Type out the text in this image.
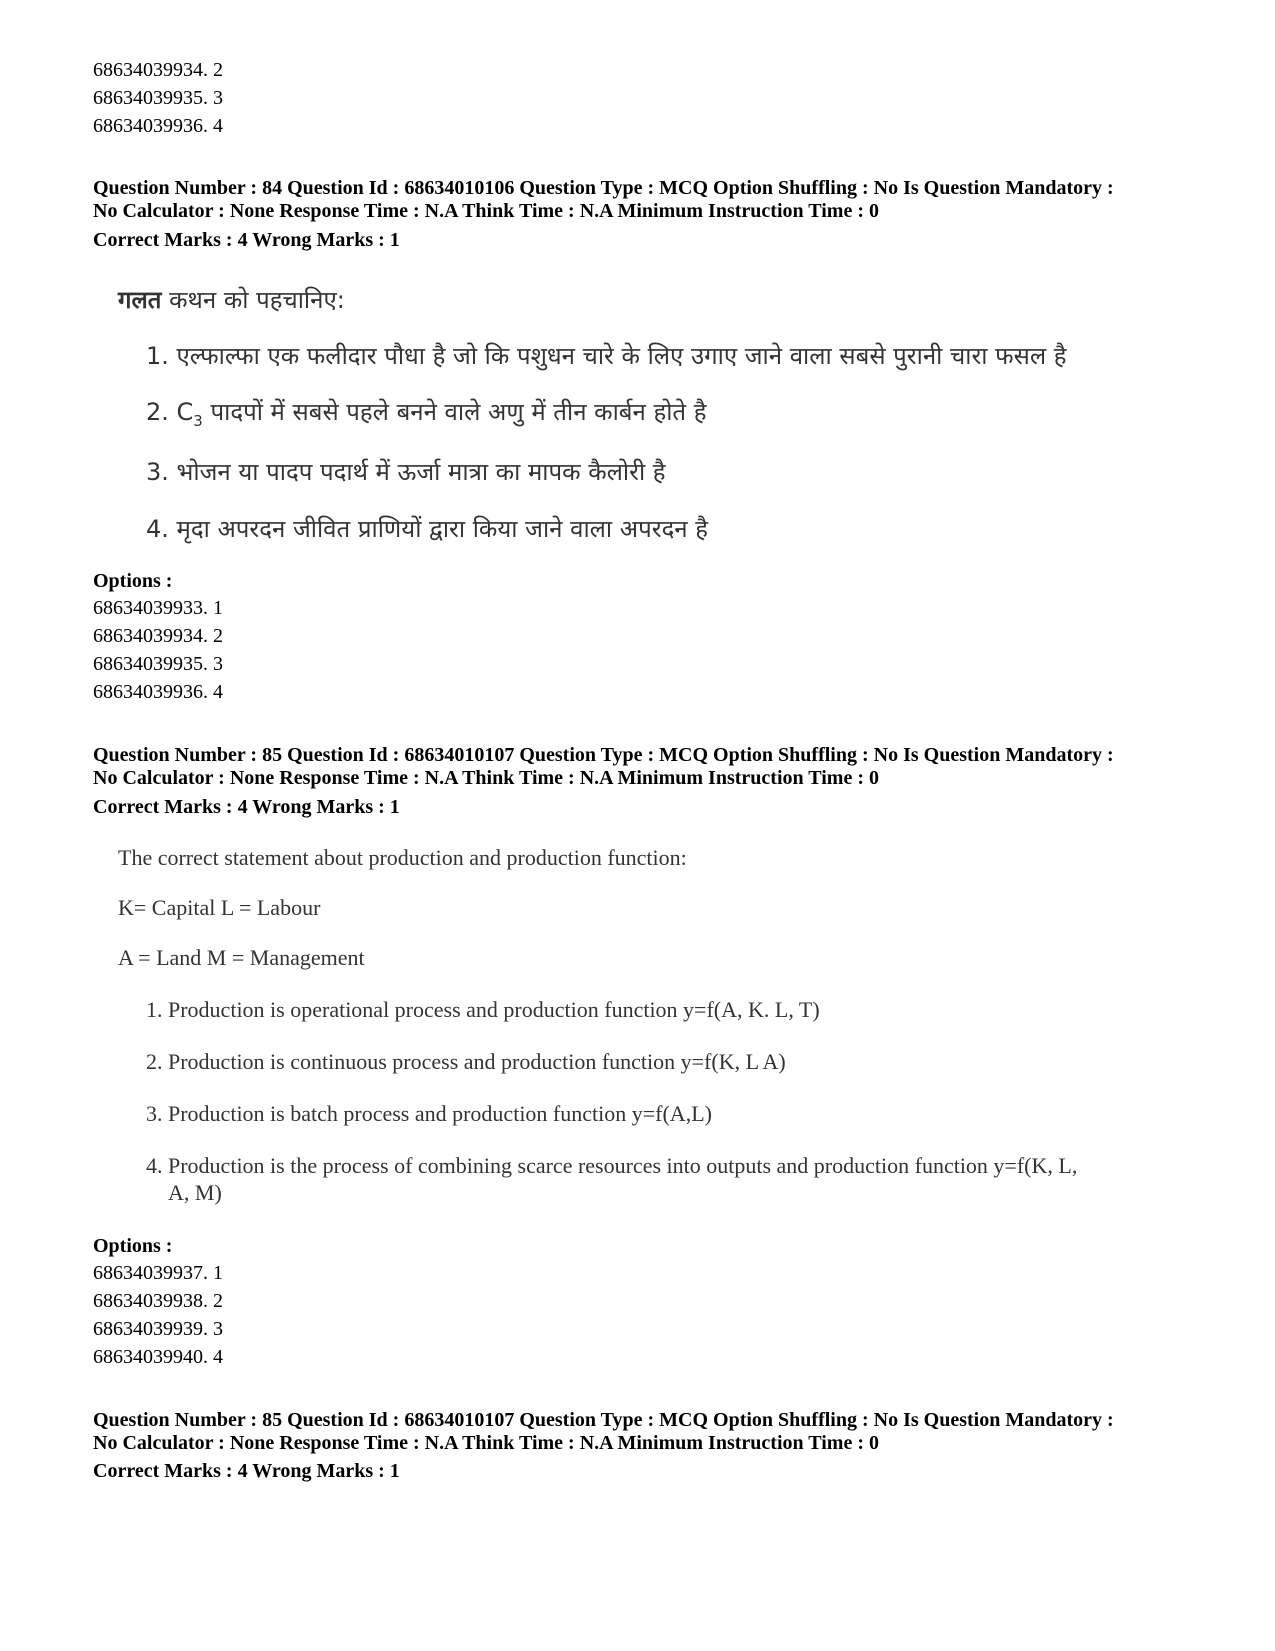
68634039934. 2
68634039935. 3
68634039936. 4
Question Number : 84 Question Id : 68634010106 Question Type : MCQ Option Shuffling : No Is Question Mandatory :
No Calculator : None Response Time : N.A Think Time : N.A Minimum Instruction Time : 0
Correct Marks : 4 Wrong Marks : 1
गलत कथन को पहचानिए:
1. एल्फाल्फा एक फलीदार पौधा है जो कि पशुधन चारे के लिए उगाए जाने वाला सबसे पुरानी चारा फसल है
2. $C_3$ पादपों में सबसे पहले बनने वाले अणु में तीन कार्बन होते है
3. भोजन या पादप पदार्थ में ऊर्जा मात्रा का मापक कैलोरी है
4. मृदा अपरदन जीवित प्राणियों द्वारा किया जाने वाला अपरदन है
Options :
68634039933. 1
68634039934. 2
68634039935. 3
68634039936. 4
Question Number : 85 Question Id : 68634010107 Question Type : MCQ Option Shuffling : No Is Question Mandatory :
No Calculator : None Response Time : N.A Think Time : N.A Minimum Instruction Time : 0
Correct Marks : 4 Wrong Marks : 1
The correct statement about production and production function:
K= Capital L = Labour
A = Land M = Management
1. Production is operational process and production function y=f(A, K. L, T)
2. Production is continuous process and production function y=f(K, L A)
3. Production is batch process and production function y=f(A,L)
4. Production is the process of combining scarce resources into outputs and production function y=f(K, L,
A, M)
Options :
68634039937. 1
68634039938. 2
68634039939. 3
68634039940. 4
Question Number : 85 Question Id : 68634010107 Question Type : MCQ Option Shuffling : No Is Question Mandatory :
No Calculator : None Response Time : N.A Think Time : N.A Minimum Instruction Time : 0
Correct Marks : 4 Wrong Marks : 1
